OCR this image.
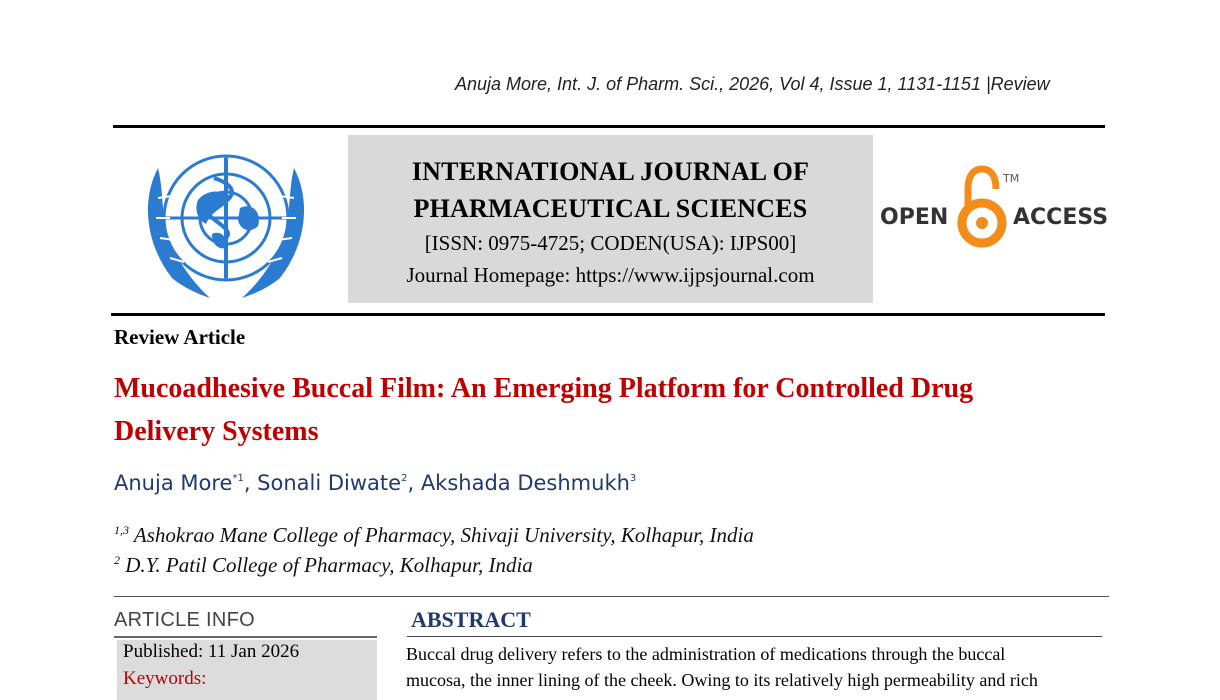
Anuja More, Int. J. of Pharm. Sci., 2026, Vol 4, Issue 1, 1131-1151 |Review
INTERNATIONAL JOURNAL OF
PHARMACEUTICAL SCIENCES
[ISSN: 0975-4725; CODEN(USA): IJPS00]
Journal Homepage: https://www.ijpsjournal.com
OPEN	ACCESS
TM
Review Article
Mucoadhesive Buccal Film: An Emerging Platform for Controlled Drug
Delivery Systems
Anuja More$^{*1}$, Sonali Diwate$^2$, Akshada Deshmukh$^3$
$^{1,3}$ Ashokrao Mane College of Pharmacy, Shivaji University, Kolhapur, India
$^2$ D.Y. Patil College of Pharmacy, Kolhapur, India
ARTICLE INFO
Published: 11 Jan 2026
Keywords:
ABSTRACT
Buccal drug delivery refers to the administration of medications through the buccal
mucosa, the inner lining of the cheek. Owing to its relatively high permeability and rich
